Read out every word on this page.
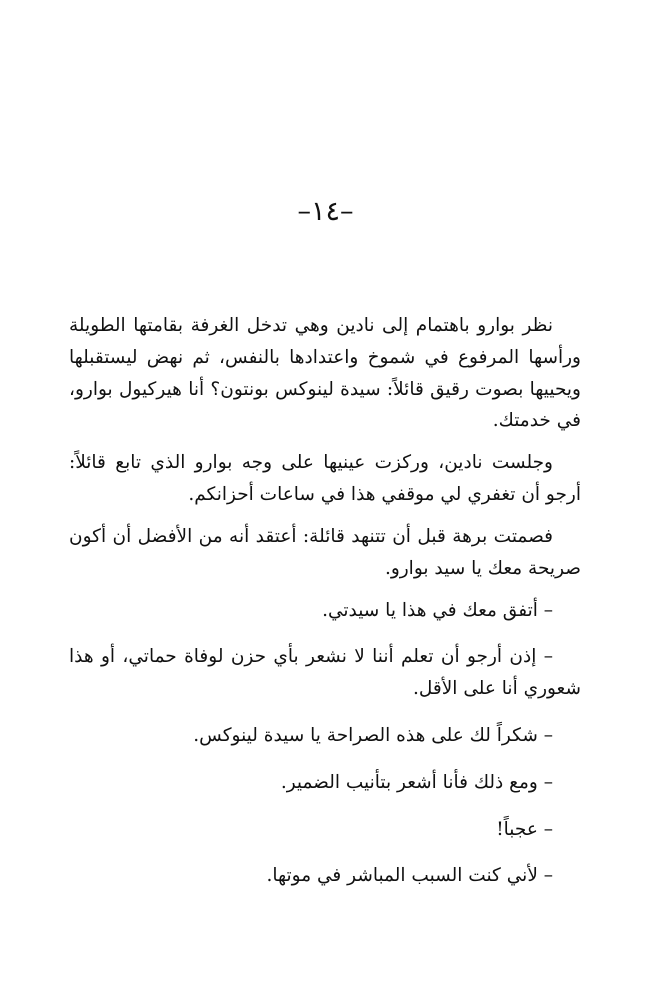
–١٤–

نظر بوارو باهتمام إلى نادين وهي تدخل الغرفة بقامتها الطويلة ورأسها المرفوع في شموخ واعتدادها بالنفس، ثم نهض ليستقبلها ويحييها بصوت رقيق قائلاً: سيدة لينوكس بونتون؟ أنا هيركيول بوارو، في خدمتك.

وجلست نادين، وركزت عينيها على وجه بوارو الذي تابع قائلاً: أرجو أن تغفري لي موقفي هذا في ساعات أحزانكم.

فصمتت برهة قبل أن تتنهد قائلة: أعتقد أنه من الأفضل أن أكون صريحة معك يا سيد بوارو.

– أتفق معك في هذا يا سيدتي.

– إذن أرجو أن تعلم أننا لا نشعر بأي حزن لوفاة حماتي، أو هذا شعوري أنا على الأقل.

– شكراً لك على هذه الصراحة يا سيدة لينوكس.

– ومع ذلك فأنا أشعر بتأنيب الضمير.

– عجباً!

– لأني كنت السبب المباشر في موتها.
